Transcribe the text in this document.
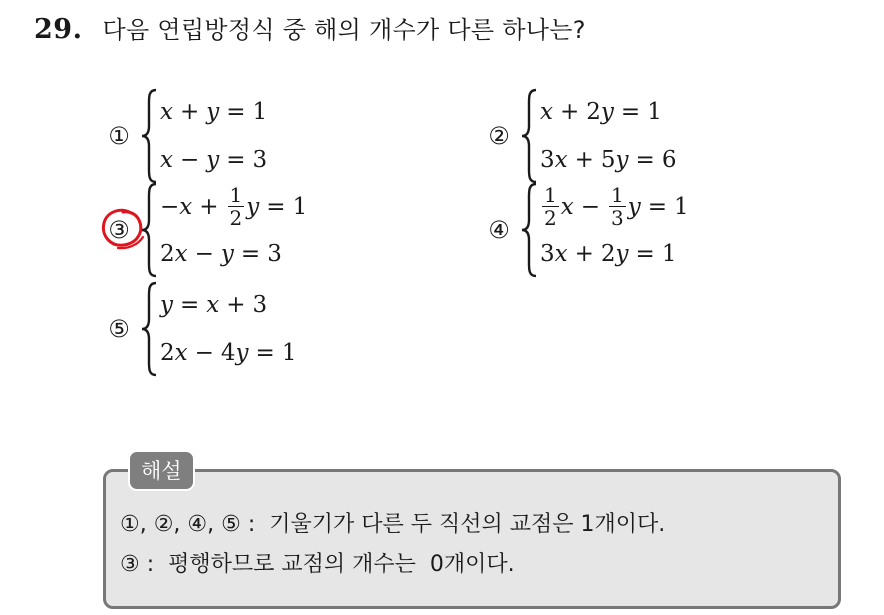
29. 다음 연립방정식 중 해의 개수가 다른 하나는?
①
x + y = 1
x − y = 3
②
x + 2 y = 1
3 x + 5 y = 6
③
− $x + \frac{1}{2}$ y = 1
2 x − y = 3
④
$\frac{1}{2}$ $x - \frac{1}{3}$ y = 1
3 x + 2 y = 1
⑤
y = x + 3
2 x − 4 y = 1
해설
①, ②, ④, ⑤ :  기울기가 다른 두 직선의 교점은 1개이다.
③ :  평행하므로 교점의 개수는  0개이다.
